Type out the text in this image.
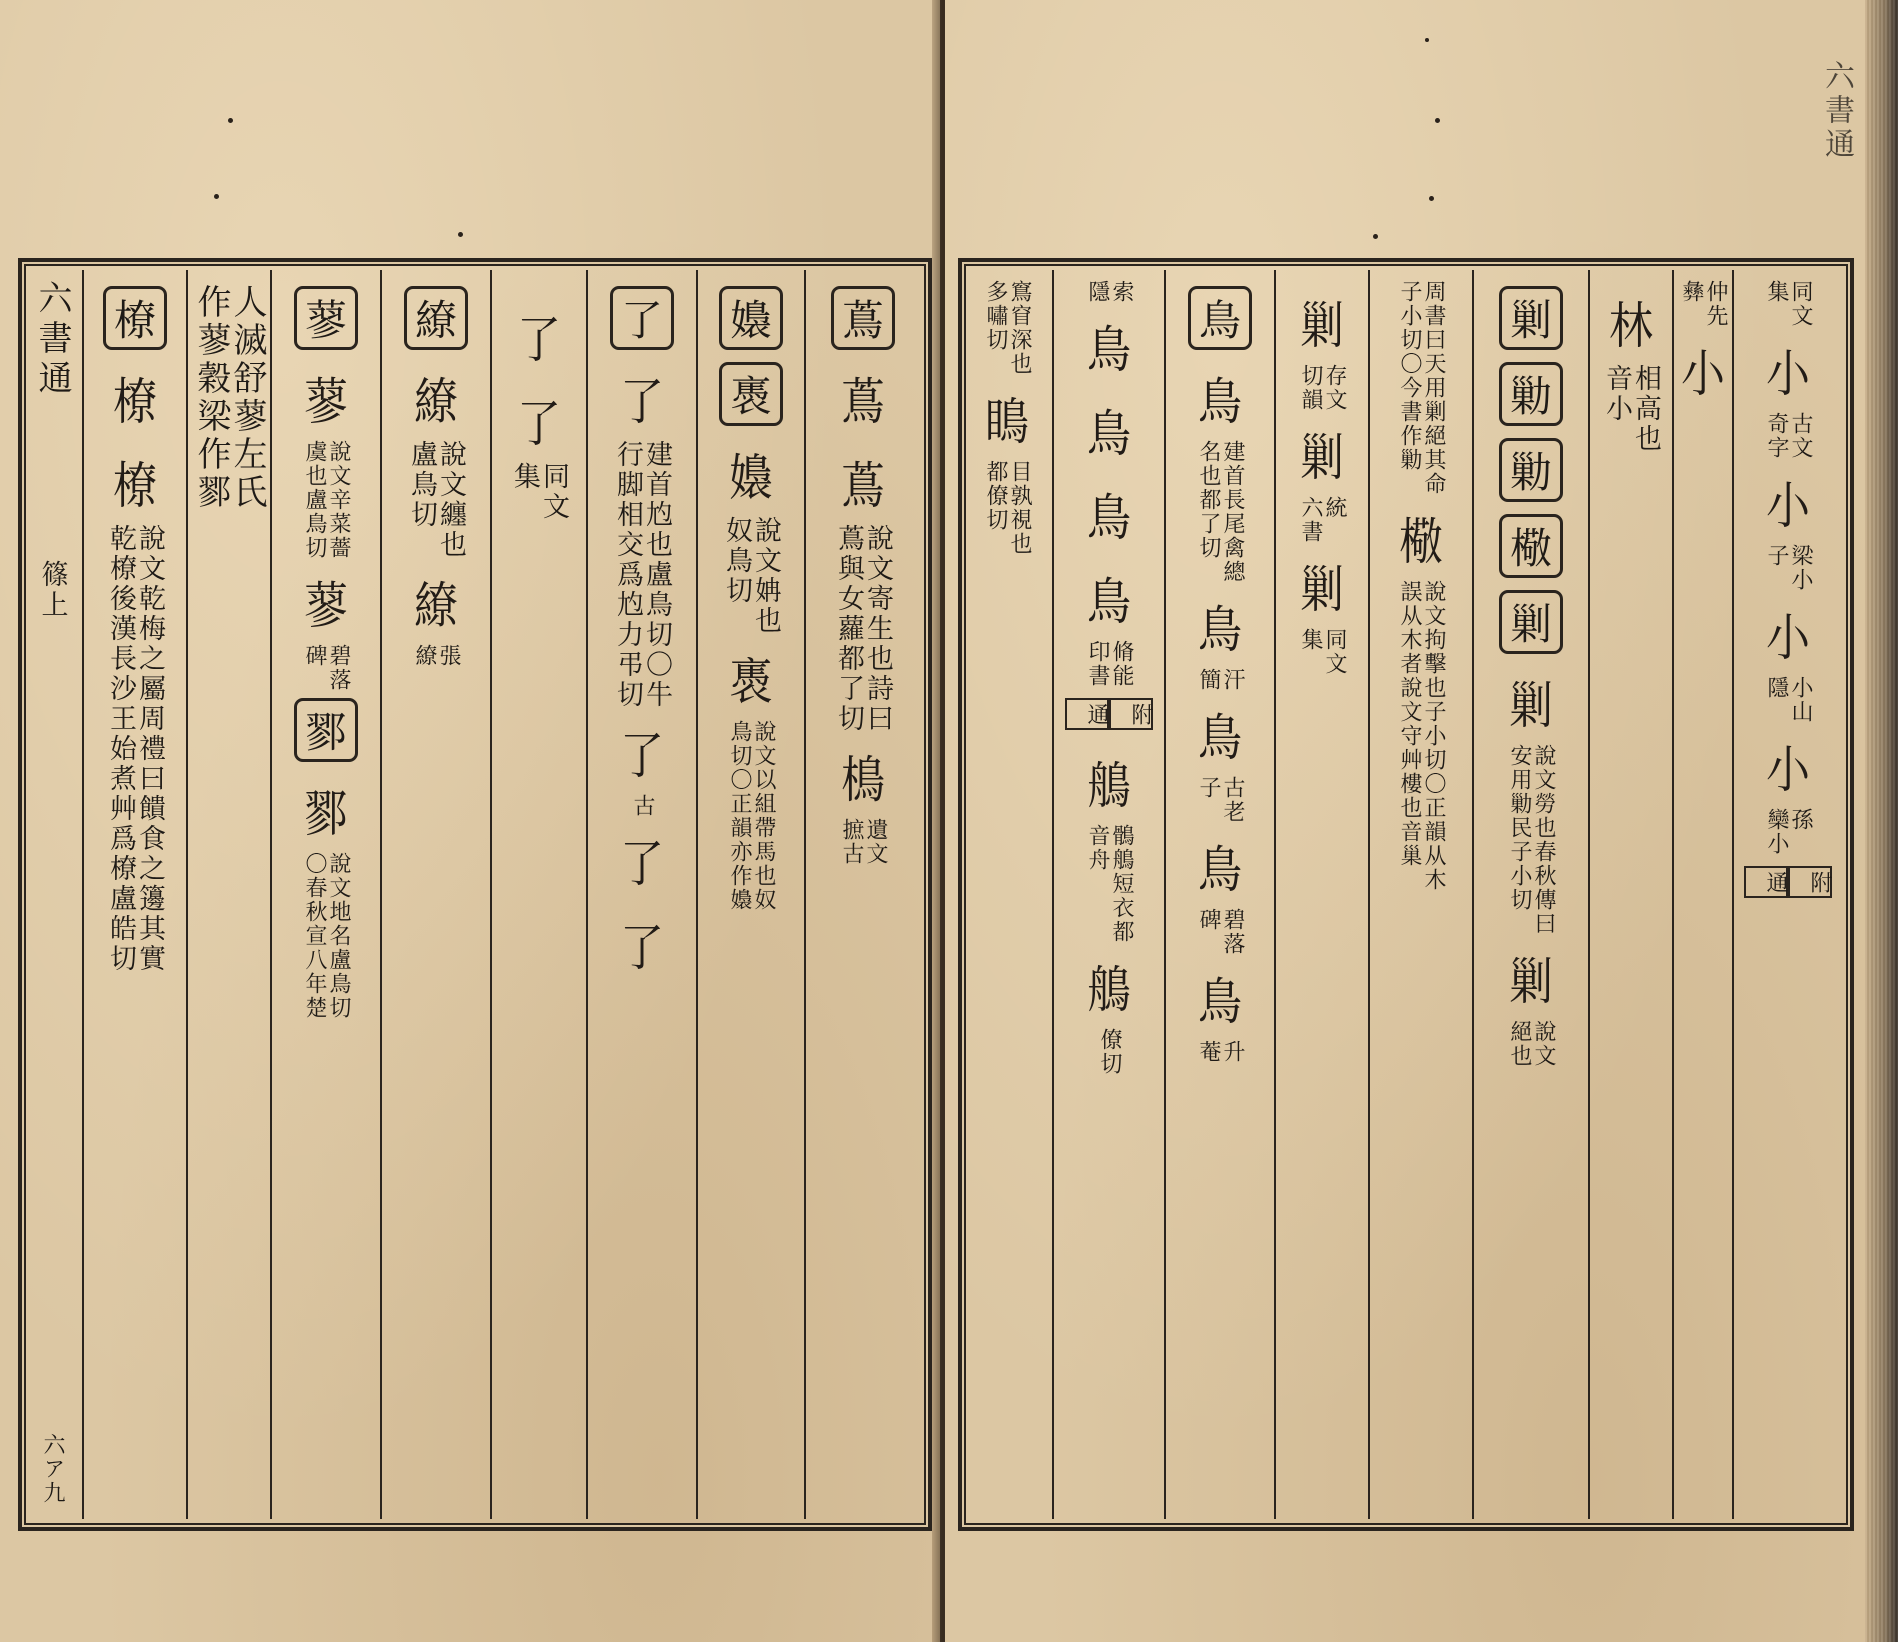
六書通
篠上
六ア九
橑
橑
橑
說文乾梅之屬周禮曰饋食之籩其實
乾橑後漢長沙王始煮艸爲橑盧皓切
人滅舒蓼左氏
作蓼穀梁作鄝 蓼
蓼
說文辛菜薔
虞也盧鳥切
蓼
碧落
碑
鄝
鄝
說文地名盧鳥切
〇春秋宣八年楚
繚
繚
說文纏也
盧鳥切
繚
張
繚
了
了
同文
集
了
了
建首尥也盧鳥切〇牛
行脚相交爲尥力弔切
了
古
了
了
嬝
褭
嬝
說文姌也
奴鳥切
褭
說文以組帶馬也奴
鳥切〇正韻亦作嬝
蔦
蔦
蔦
說文寄生也詩曰
蔦與女蘿都了切
樢
遺文
摭古
六書通
窵
多
窅深也
嘯切
瞗
目孰視也
都僚切
索
隱
鳥
鳥
鳥
鳥
脩能
印書
附
通
鵃
鶻鵃短衣都
音舟
鵃
僚切
鳥
鳥
建首長尾禽總
名也都了切
鳥
汗
簡
鳥
古老
子
鳥
碧落
碑
鳥
升
菴
剿
存文
切韻
剿
統
六書
剿
同文
集
周書曰天用剿絕其命
子小切〇今書作勦
㯳
說文拘擊也子小切〇正韻从木
誤从木者說文守艸樓也音巢
剿
勦
勦
㯳
剿
剿
說文勞也春秋傳曰
安用勦民子小切
剿
說文
絕也
林
相高也
音小
仲先
彝
小
同文
集
小
古文
奇字
小
梁小
子
小
小山
隱
小
孫
欒小
附
通
